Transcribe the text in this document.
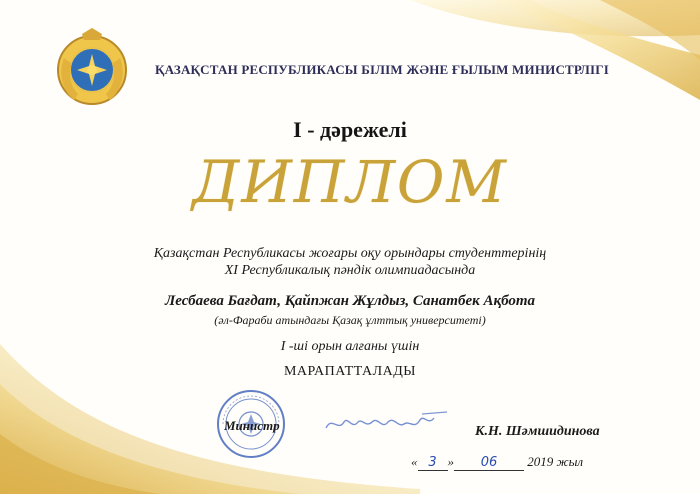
ҚАЗАҚСТАН РЕСПУБЛИКАСЫ БІЛІМ ЖӘНЕ ҒЫЛЫМ МИНИСТРЛІГІ
І - дәрежелі
ДИПЛОМ
Қазақстан Республикасы жоғары оқу орындары студенттерінің
XI Республикалық пәндік олимпиадасында
Лесбаева Бағдат, Қайпжан Жұлдыз, Санатбек Ақбота
(әл-Фараби атындағы Қазақ ұлттық университеті)
І -ші орын алғаны үшін
МАРАПАТТАЛАДЫ
Министр	К.Н. Шәмшидинова
« 3 » 06 2019 жыл
